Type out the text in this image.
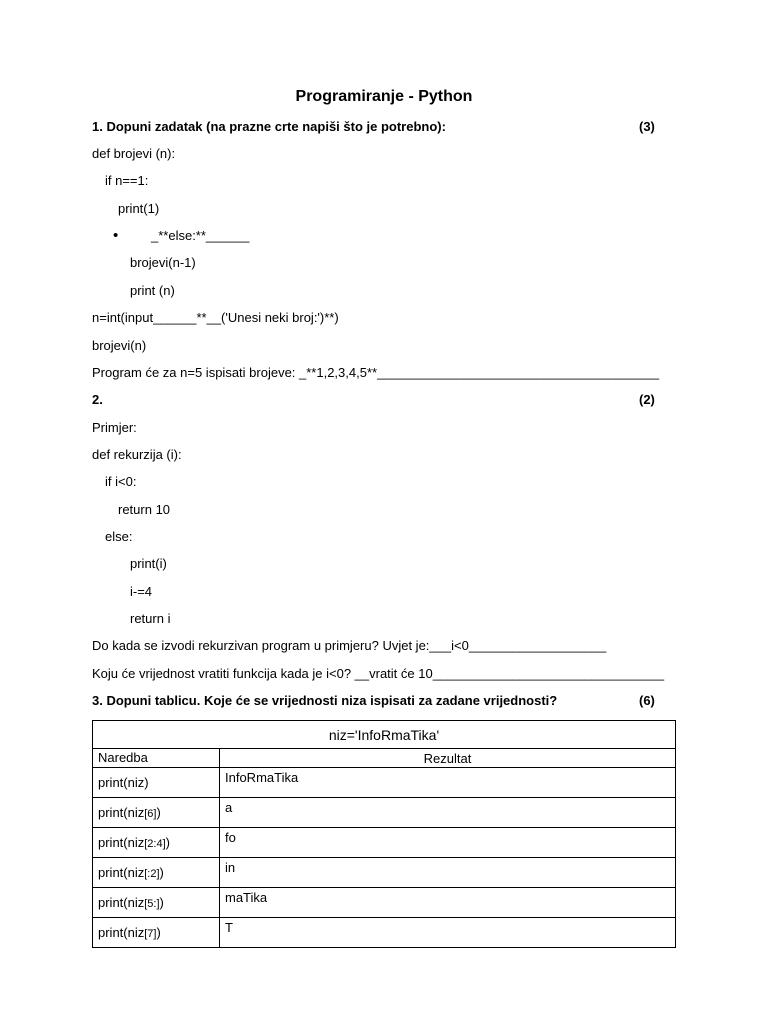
Programiranje - Python
1. Dopuni zadatak (na prazne crte napiši što je potrebno):	(3)
def brojevi (n):
if n==1:
print(1)
•	_**else:**______
brojevi(n-1)
print (n)
n=int(input______**__('Unesi neki broj:')**)
brojevi(n)
Program će za n=5 ispisati brojeve: _**1,2,3,4,5**_______________________________________
2.	(2)
Primjer:
def rekurzija (i):
if i<0:
return 10
else:
print(i)
i-=4
return i
Do kada se izvodi rekurzivan program u primjeru? Uvjet je:___i<0___________________
Koju će vrijednost vratiti funkcija kada je i<0? __vratit će 10________________________________
3. Dopuni tablicu. Koje će se vrijednosti niza ispisati za zadane vrijednosti?	(6)
niz='InfoRmaTika'	
Naredba	Rezultat
print(niz)	InfoRmaTika
print(niz[6])	a
print(niz[2:4])	fo
print(niz[:2])	in
print(niz[5:])	maTika
print(niz[7])	T
